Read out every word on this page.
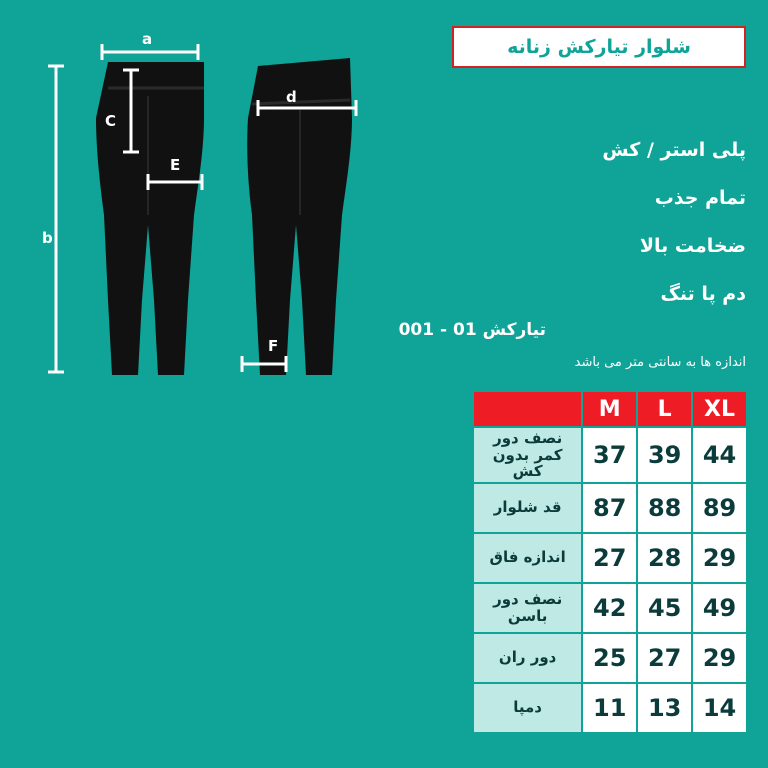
شلوار تیارکش زنانه
پلی استر / کش
تمام جذب
ضخامت بالا
دم پا تنگ
تیارکش 01 - 001
اندازه ها به سانتی متر می باشد
a
b
C
d
E
F
XL	L	M	
44	39	37	نصف دور کمر بدون کش
89	88	87	قد شلوار
29	28	27	اندازه فاق
49	45	42	نصف دور باسن
29	27	25	دور ران
14	13	11	دمپا
